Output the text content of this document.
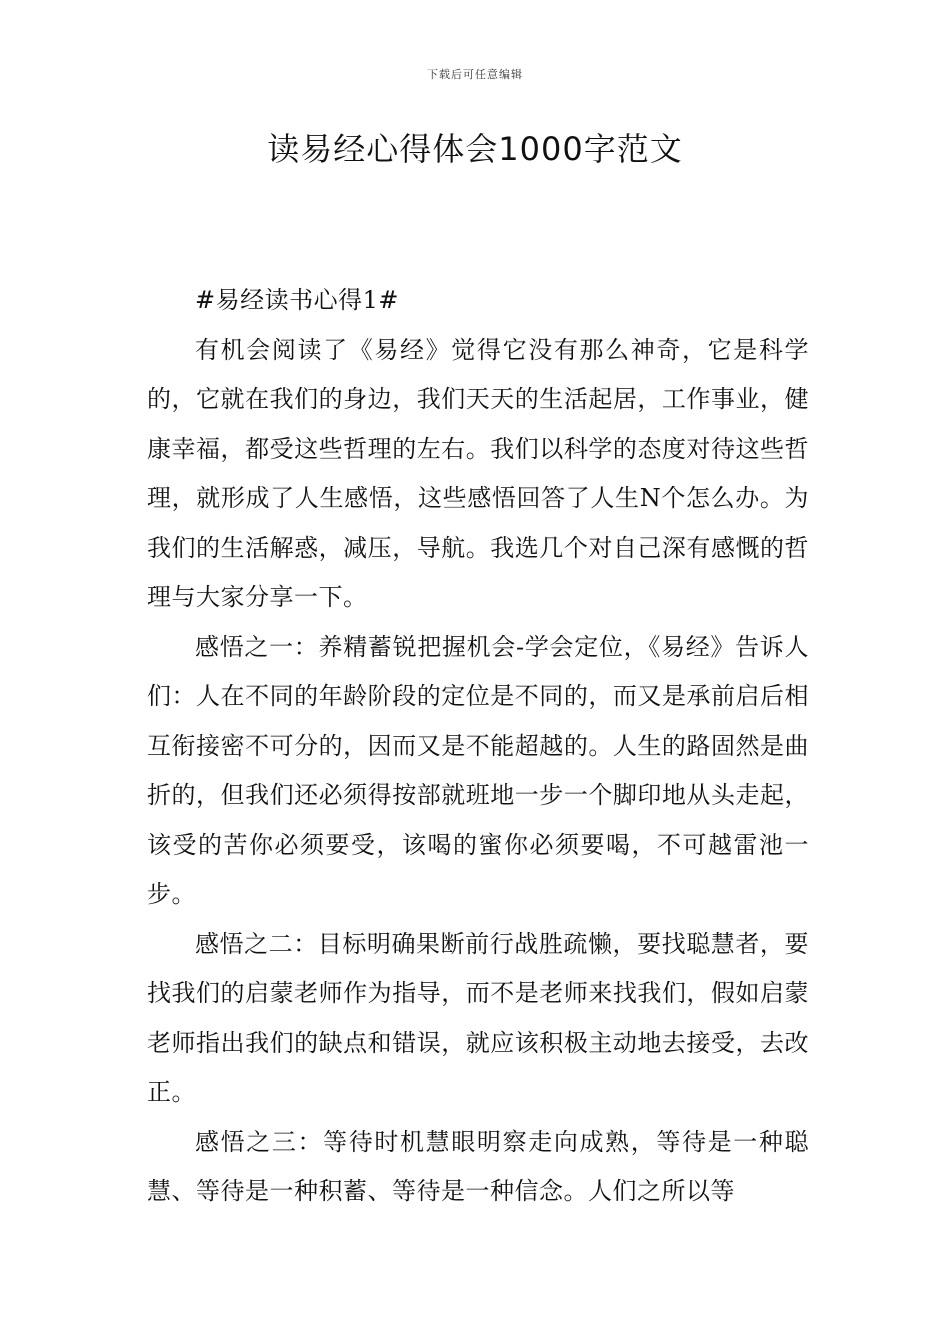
下载后可任意编辑
读易经心得体会1000字范文

#易经读书心得1#

有机会阅读了《易经》觉得它没有那么神奇，它是科学的，它就在我们的身边，我们天天的生活起居，工作事业，健康幸福，都受这些哲理的左右。我们以科学的态度对待这些哲理，就形成了人生感悟，这些感悟回答了人生N个怎么办。为我们的生活解惑，减压，导航。我选几个对自己深有感慨的哲理与大家分享一下。

感悟之一：养精蓄锐把握机会-学会定位，《易经》告诉人们：人在不同的年龄阶段的定位是不同的，而又是承前启后相互衔接密不可分的，因而又是不能超越的。人生的路固然是曲折的，但我们还必须得按部就班地一步一个脚印地从头走起，该受的苦你必须要受，该喝的蜜你必须要喝，不可越雷池一步。

感悟之二：目标明确果断前行战胜疏懒，要找聪慧者，要找我们的启蒙老师作为指导，而不是老师来找我们，假如启蒙老师指出我们的缺点和错误，就应该积极主动地去接受，去改正。

感悟之三：等待时机慧眼明察走向成熟，等待是一种聪慧、等待是一种积蓄、等待是一种信念。人们之所以等
